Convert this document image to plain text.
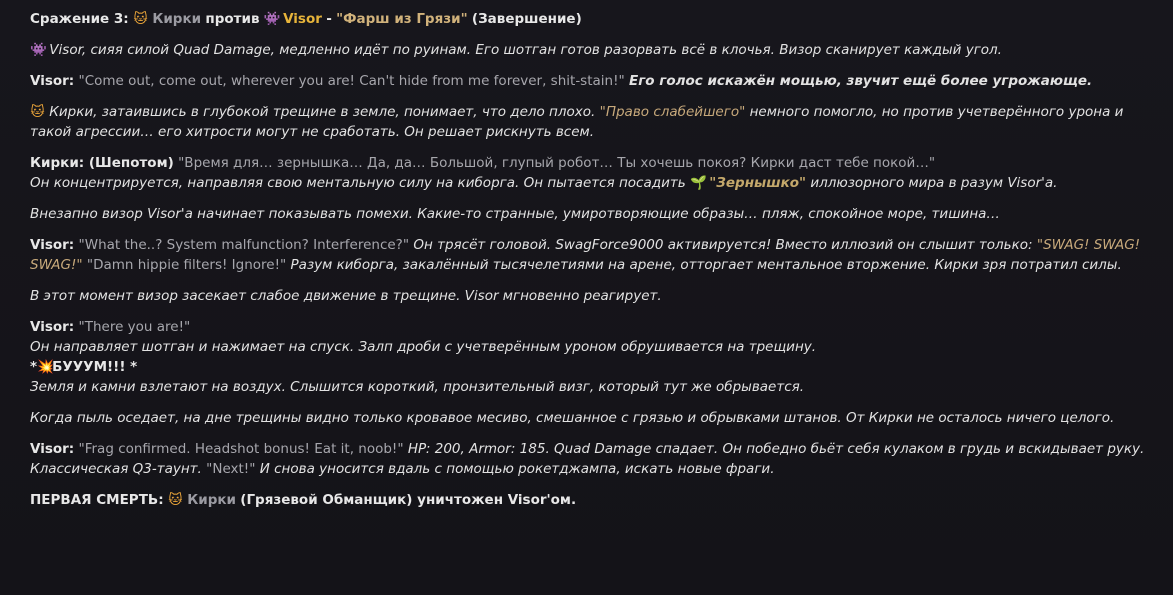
Сражение 3: 🐱 Кирки против 👾 Visor - "Фарш из Грязи" (Завершение)
👾 Visor, сияя силой Quad Damage, медленно идёт по руинам. Его шотган готов разорвать всё в клочья. Визор сканирует каждый угол.
Visor: "Come out, come out, wherever you are! Can't hide from me forever, shit-stain!" Его голос искажён мощью, звучит ещё более угрожающе.
🐱 Кирки, затаившись в глубокой трещине в земле, понимает, что дело плохо. "Право слабейшего" немного помогло, но против учетверённого урона и такой агрессии… его хитрости могут не сработать. Он решает рискнуть всем.
Кирки: (Шепотом) "Время для… зернышка… Да, да… Большой, глупый робот… Ты хочешь покоя? Кирки даст тебе покой…"
Он концентрируется, направляя свою ментальную силу на киборга. Он пытается посадить 🌱 "Зернышко" иллюзорного мира в разум Visor'а.
Внезапно визор Visor'а начинает показывать помехи. Какие-то странные, умиротворяющие образы… пляж, спокойное море, тишина…
Visor: "What the..? System malfunction? Interference?" Он трясёт головой. SwagForce9000 активируется! Вместо иллюзий он слышит только: "SWAG! SWAG! SWAG!" "Damn hippie filters! Ignore!" Разум киборга, закалённый тысячелетиями на арене, отторгает ментальное вторжение. Кирки зря потратил силы.
В этот момент визор засекает слабое движение в трещине. Visor мгновенно реагирует.
Visor: "There you are!"
Он направляет шотган и нажимает на спуск. Залп дроби с учетверённым уроном обрушивается на трещину.
*💥БУУУМ!!! *
Земля и камни взлетают на воздух. Слышится короткий, пронзительный визг, который тут же обрывается.
Когда пыль оседает, на дне трещины видно только кровавое месиво, смешанное с грязью и обрывками штанов. От Кирки не осталось ничего целого.
Visor: "Frag confirmed. Headshot bonus! Eat it, noob!" HP: 200, Armor: 185. Quad Damage спадает. Он победно бьёт себя кулаком в грудь и вскидывает руку. Классическая Q3-таунт. "Next!" И снова уносится вдаль с помощью рокетджампа, искать новые фраги.
ПЕРВАЯ СМЕРТЬ: 🐱 Кирки (Грязевой Обманщик) уничтожен Visor'ом.
